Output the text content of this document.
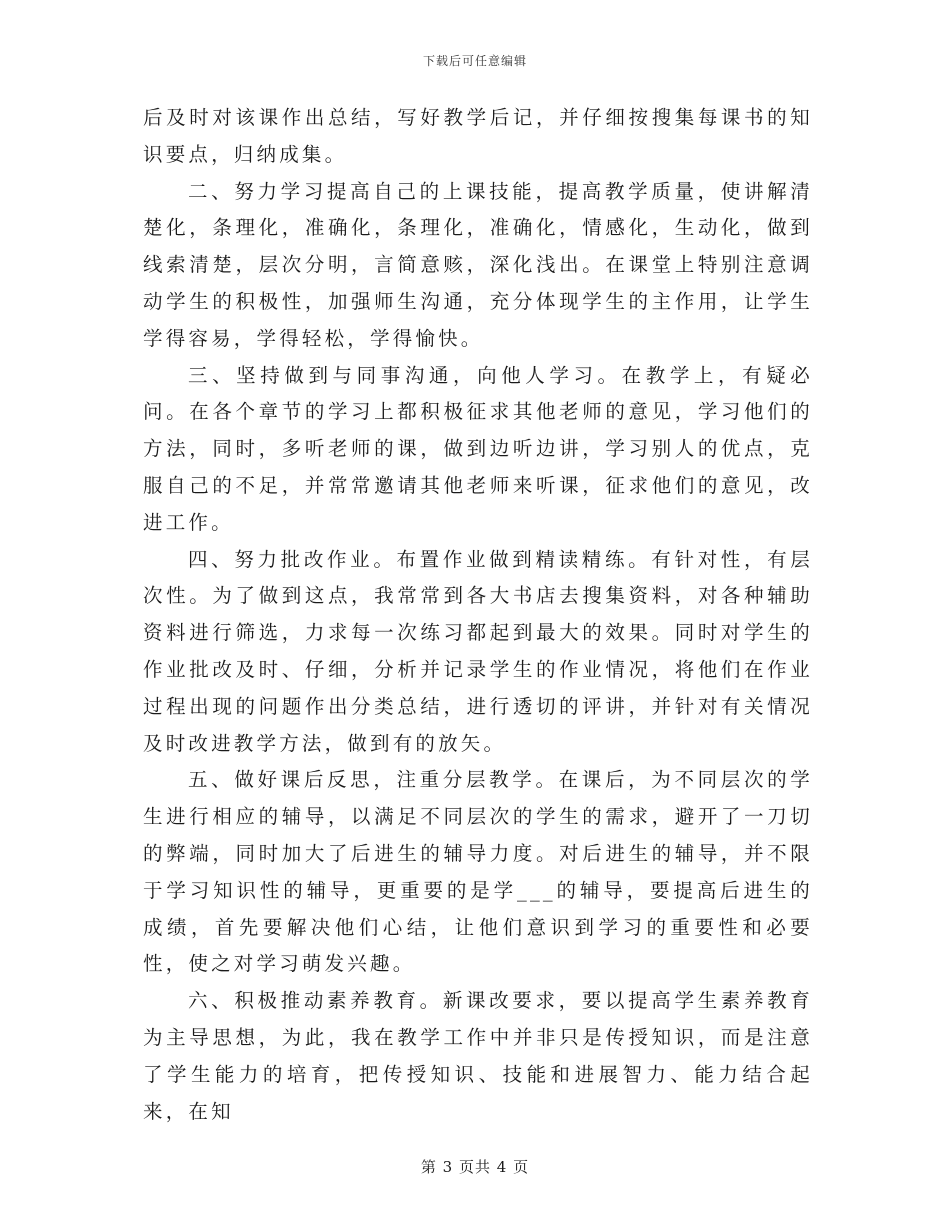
下载后可任意编辑

后及时对该课作出总结，写好教学后记，并仔细按搜集每课书的知识要点，归纳成集。

二、努力学习提高自己的上课技能，提高教学质量，使讲解清楚化，条理化，准确化，条理化，准确化，情感化，生动化，做到线索清楚，层次分明，言简意赅，深化浅出。在课堂上特别注意调动学生的积极性，加强师生沟通，充分体现学生的主作用，让学生学得容易，学得轻松，学得愉快。

三、坚持做到与同事沟通，向他人学习。在教学上，有疑必问。在各个章节的学习上都积极征求其他老师的意见，学习他们的方法，同时，多听老师的课，做到边听边讲，学习别人的优点，克服自己的不足，并常常邀请其他老师来听课，征求他们的意见，改进工作。

四、努力批改作业。布置作业做到精读精练。有针对性，有层次性。为了做到这点，我常常到各大书店去搜集资料，对各种辅助资料进行筛选，力求每一次练习都起到最大的效果。同时对学生的作业批改及时、仔细，分析并记录学生的作业情况，将他们在作业过程出现的问题作出分类总结，进行透切的评讲，并针对有关情况及时改进教学方法，做到有的放矢。

五、做好课后反思，注重分层教学。在课后，为不同层次的学生进行相应的辅导，以满足不同层次的学生的需求，避开了一刀切的弊端，同时加大了后进生的辅导力度。对后进生的辅导，并不限于学习知识性的辅导，更重要的是学___的辅导，要提高后进生的成绩，首先要解决他们心结，让他们意识到学习的重要性和必要性，使之对学习萌发兴趣。

六、积极推动素养教育。新课改要求，要以提高学生素养教育为主导思想，为此，我在教学工作中并非只是传授知识，而是注意了学生能力的培育，把传授知识、技能和进展智力、能力结合起来，在知

第 3 页共 4 页
